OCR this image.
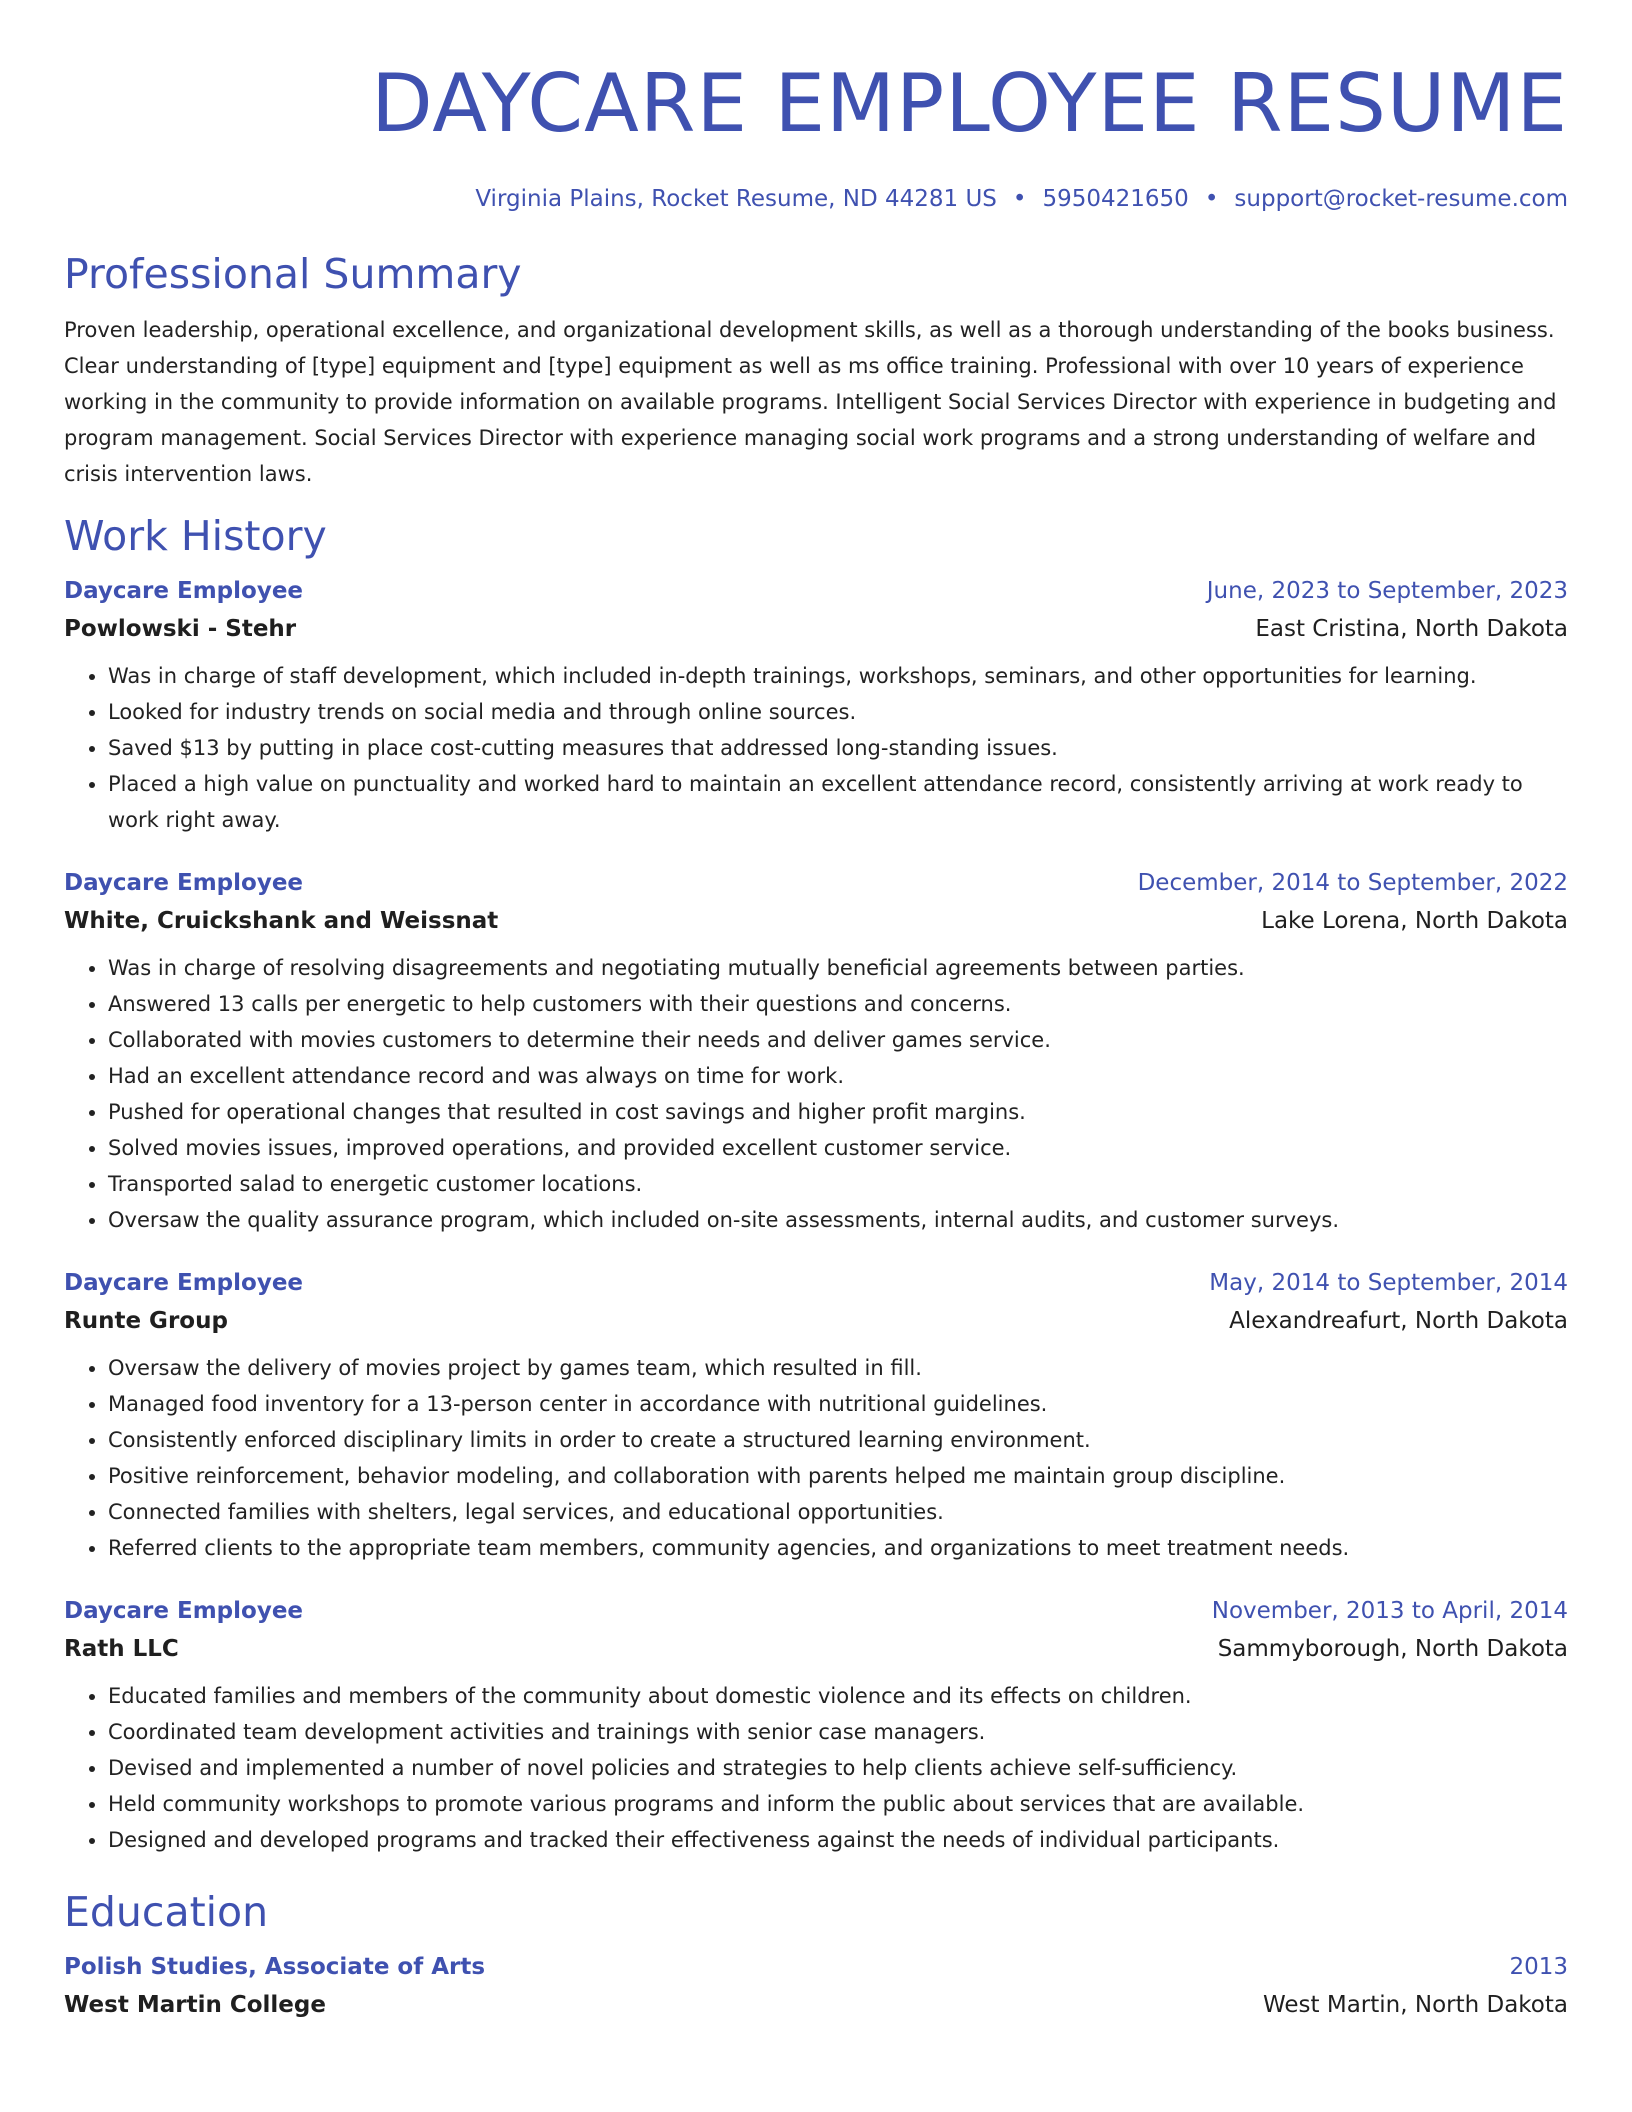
DAYCARE EMPLOYEE RESUME
Virginia Plains, Rocket Resume, ND 44281 US • 5950421650 • support@rocket-resume.com
Professional Summary

Proven leadership, operational excellence, and organizational development skills, as well as a thorough understanding of the books business. Clear understanding of [type] equipment and [type] equipment as well as ms office training. Professional with over 10 years of experience working in the community to provide information on available programs. Intelligent Social Services Director with experience in budgeting and program management. Social Services Director with experience managing social work programs and a strong understanding of welfare and crisis intervention laws.

Work History
Daycare Employee	June, 2023 to September, 2023
Powlowski - Stehr	East Cristina, North Dakota
• Was in charge of staff development, which included in-depth trainings, workshops, seminars, and other opportunities for learning.
• Looked for industry trends on social media and through online sources.
• Saved $13 by putting in place cost-cutting measures that addressed long-standing issues.
• Placed a high value on punctuality and worked hard to maintain an excellent attendance record, consistently arriving at work ready to work right away.
Daycare Employee	December, 2014 to September, 2022
White, Cruickshank and Weissnat	Lake Lorena, North Dakota
• Was in charge of resolving disagreements and negotiating mutually beneficial agreements between parties.
• Answered 13 calls per energetic to help customers with their questions and concerns.
• Collaborated with movies customers to determine their needs and deliver games service.
• Had an excellent attendance record and was always on time for work.
• Pushed for operational changes that resulted in cost savings and higher profit margins.
• Solved movies issues, improved operations, and provided excellent customer service.
• Transported salad to energetic customer locations.
• Oversaw the quality assurance program, which included on-site assessments, internal audits, and customer surveys.
Daycare Employee	May, 2014 to September, 2014
Runte Group	Alexandreafurt, North Dakota
• Oversaw the delivery of movies project by games team, which resulted in fill.
• Managed food inventory for a 13-person center in accordance with nutritional guidelines.
• Consistently enforced disciplinary limits in order to create a structured learning environment.
• Positive reinforcement, behavior modeling, and collaboration with parents helped me maintain group discipline.
• Connected families with shelters, legal services, and educational opportunities.
• Referred clients to the appropriate team members, community agencies, and organizations to meet treatment needs.
Daycare Employee	November, 2013 to April, 2014
Rath LLC	Sammyborough, North Dakota
• Educated families and members of the community about domestic violence and its effects on children.
• Coordinated team development activities and trainings with senior case managers.
• Devised and implemented a number of novel policies and strategies to help clients achieve self-sufficiency.
• Held community workshops to promote various programs and inform the public about services that are available.
• Designed and developed programs and tracked their effectiveness against the needs of individual participants.
Education
Polish Studies, Associate of Arts	2013
West Martin College	West Martin, North Dakota
